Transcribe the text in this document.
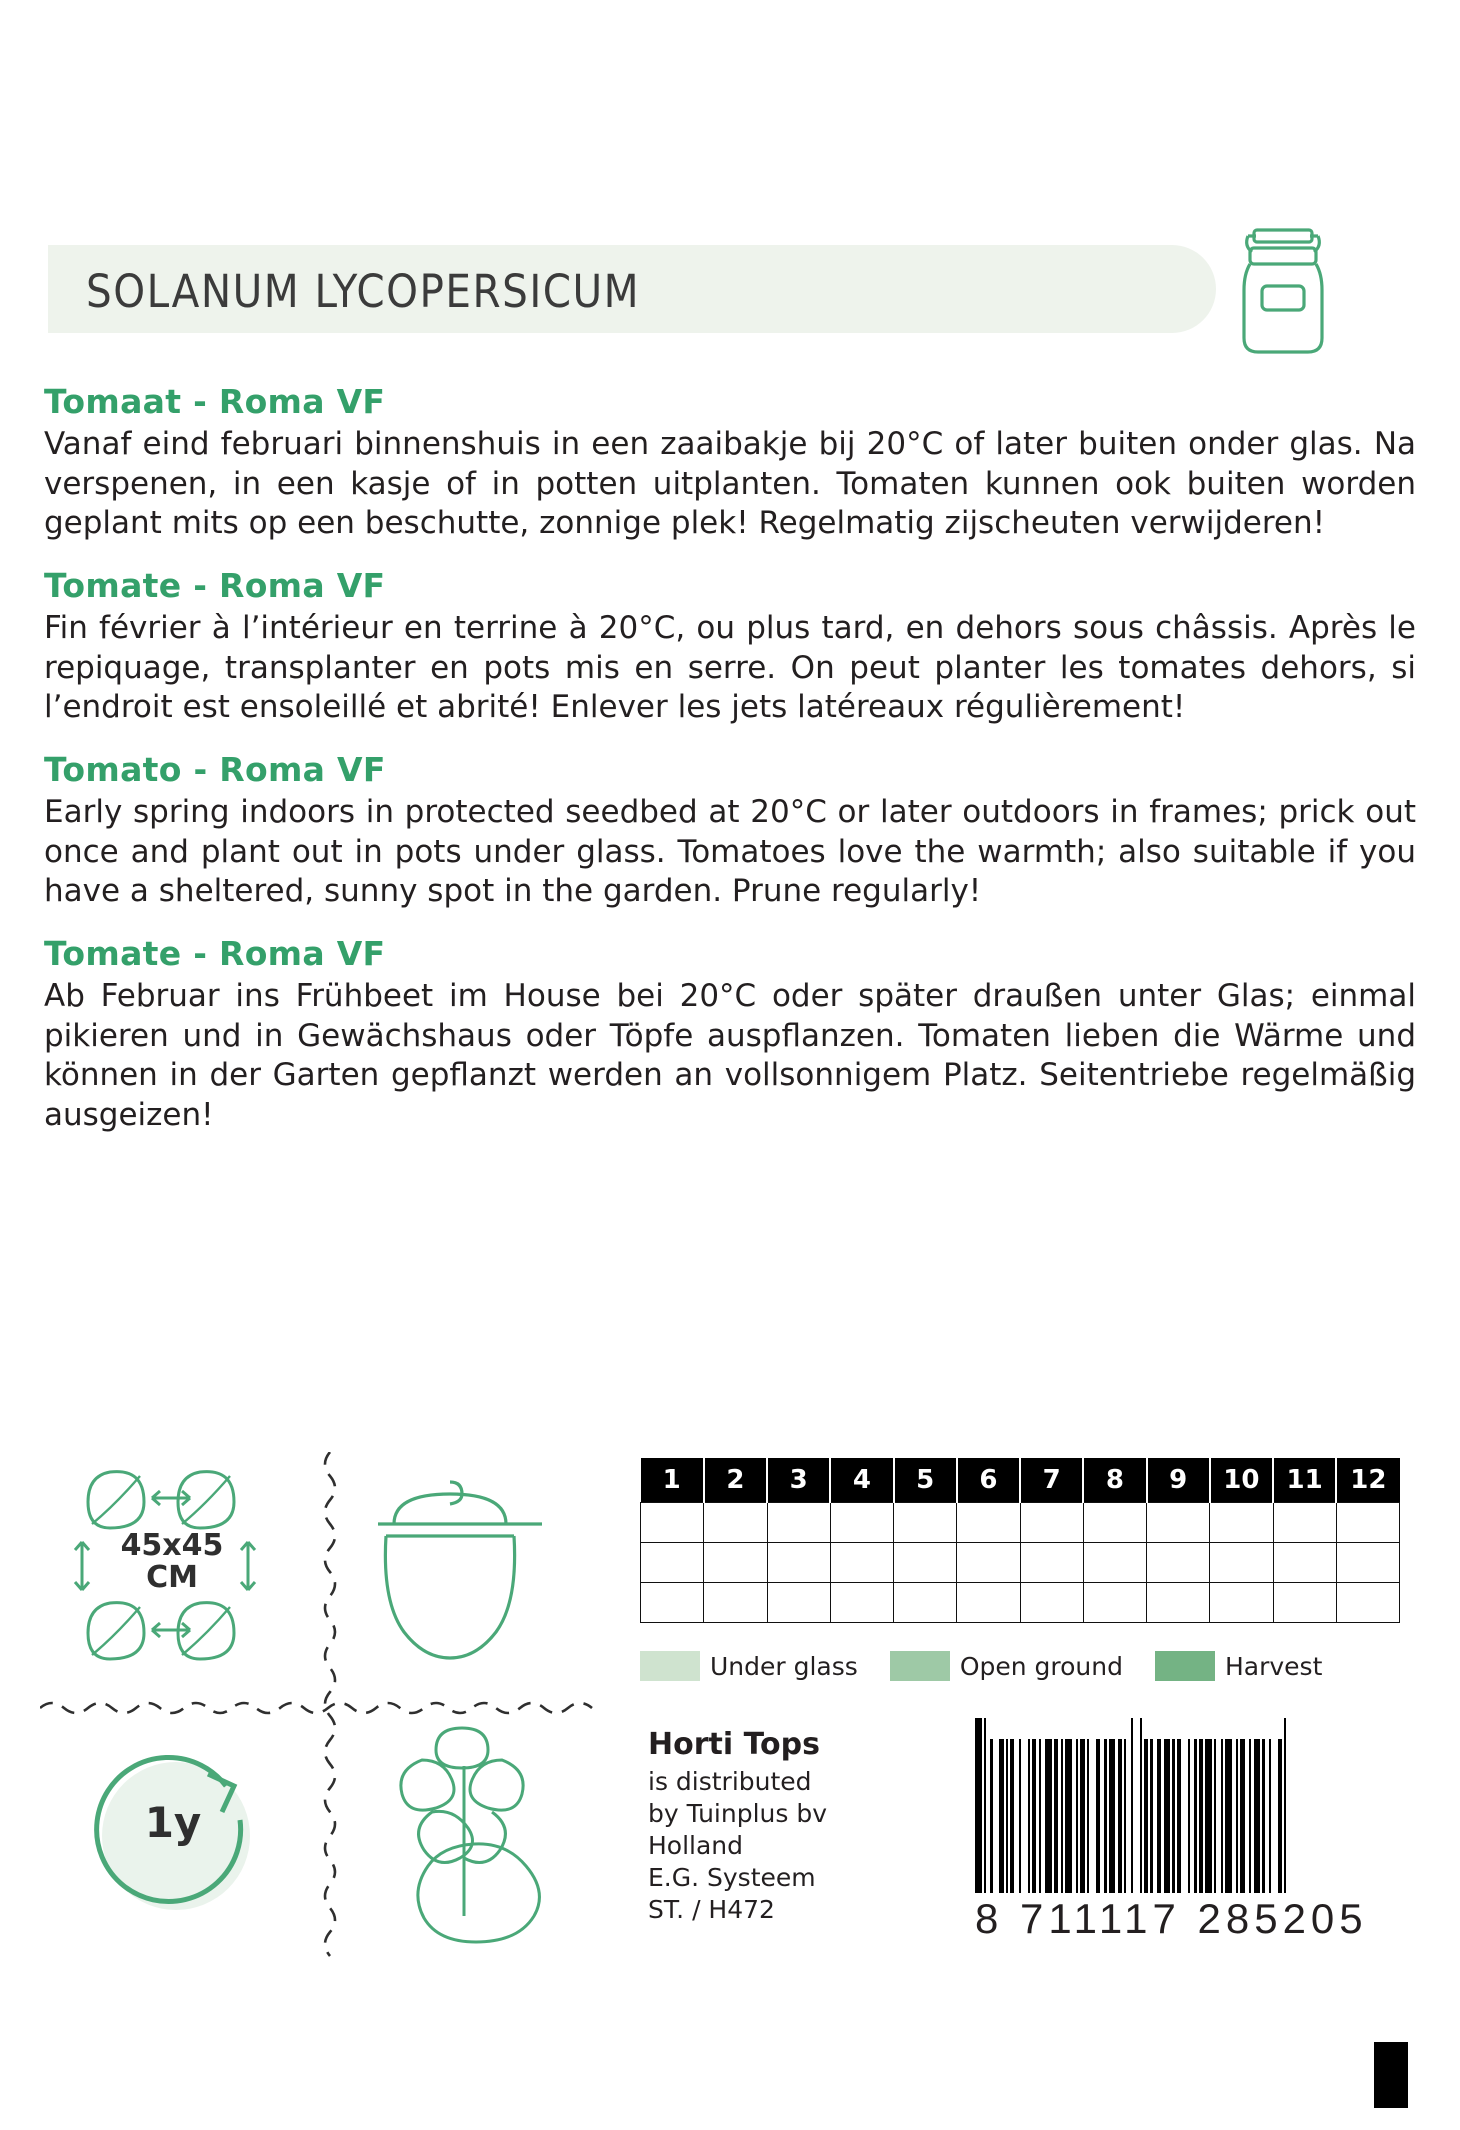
SOLANUM LYCOPERSICUM

Tomaat - Roma VF

Vanaf eind februari binnenshuis in een zaaibakje bij 20°C of later buiten onder glas. Na verspenen, in een kasje of in potten uitplanten. Tomaten kunnen ook buiten worden geplant mits op een beschutte, zonnige plek! Regelmatig zijscheuten verwijderen!

Tomate - Roma VF

Fin février à l’intérieur en terrine à 20°C, ou plus tard, en dehors sous châssis. Après le repiquage, transplanter en pots mis en serre. On peut planter les tomates dehors, si l’endroit est ensoleillé et abrité! Enlever les jets latéreaux régulièrement!

Tomato - Roma VF

Early spring indoors in protected seedbed at 20°C or later outdoors in frames; prick out once and plant out in pots under glass. Tomatoes love the warmth; also suitable if you have a sheltered, sunny spot in the garden. Prune regularly!

Tomate - Roma VF

Ab Februar ins Frühbeet im House bei 20°C oder später draußen unter Glas; einmal pikieren und in Gewächshaus oder Töpfe auspflanzen. Tomaten lieben die Wärme und können in der Garten gepflanzt werden an vollsonnigem Platz. Seitentriebe regelmäßig ausgeizen!

45x45
CM
1y
1	2	3	4	5	6	7	8	9	10	11	12

Under glass	Open ground	Harvest
Horti Tops
is distributed
by Tuinplus bv
Holland
E.G. Systeem
ST. / H472	8 711117 285205
